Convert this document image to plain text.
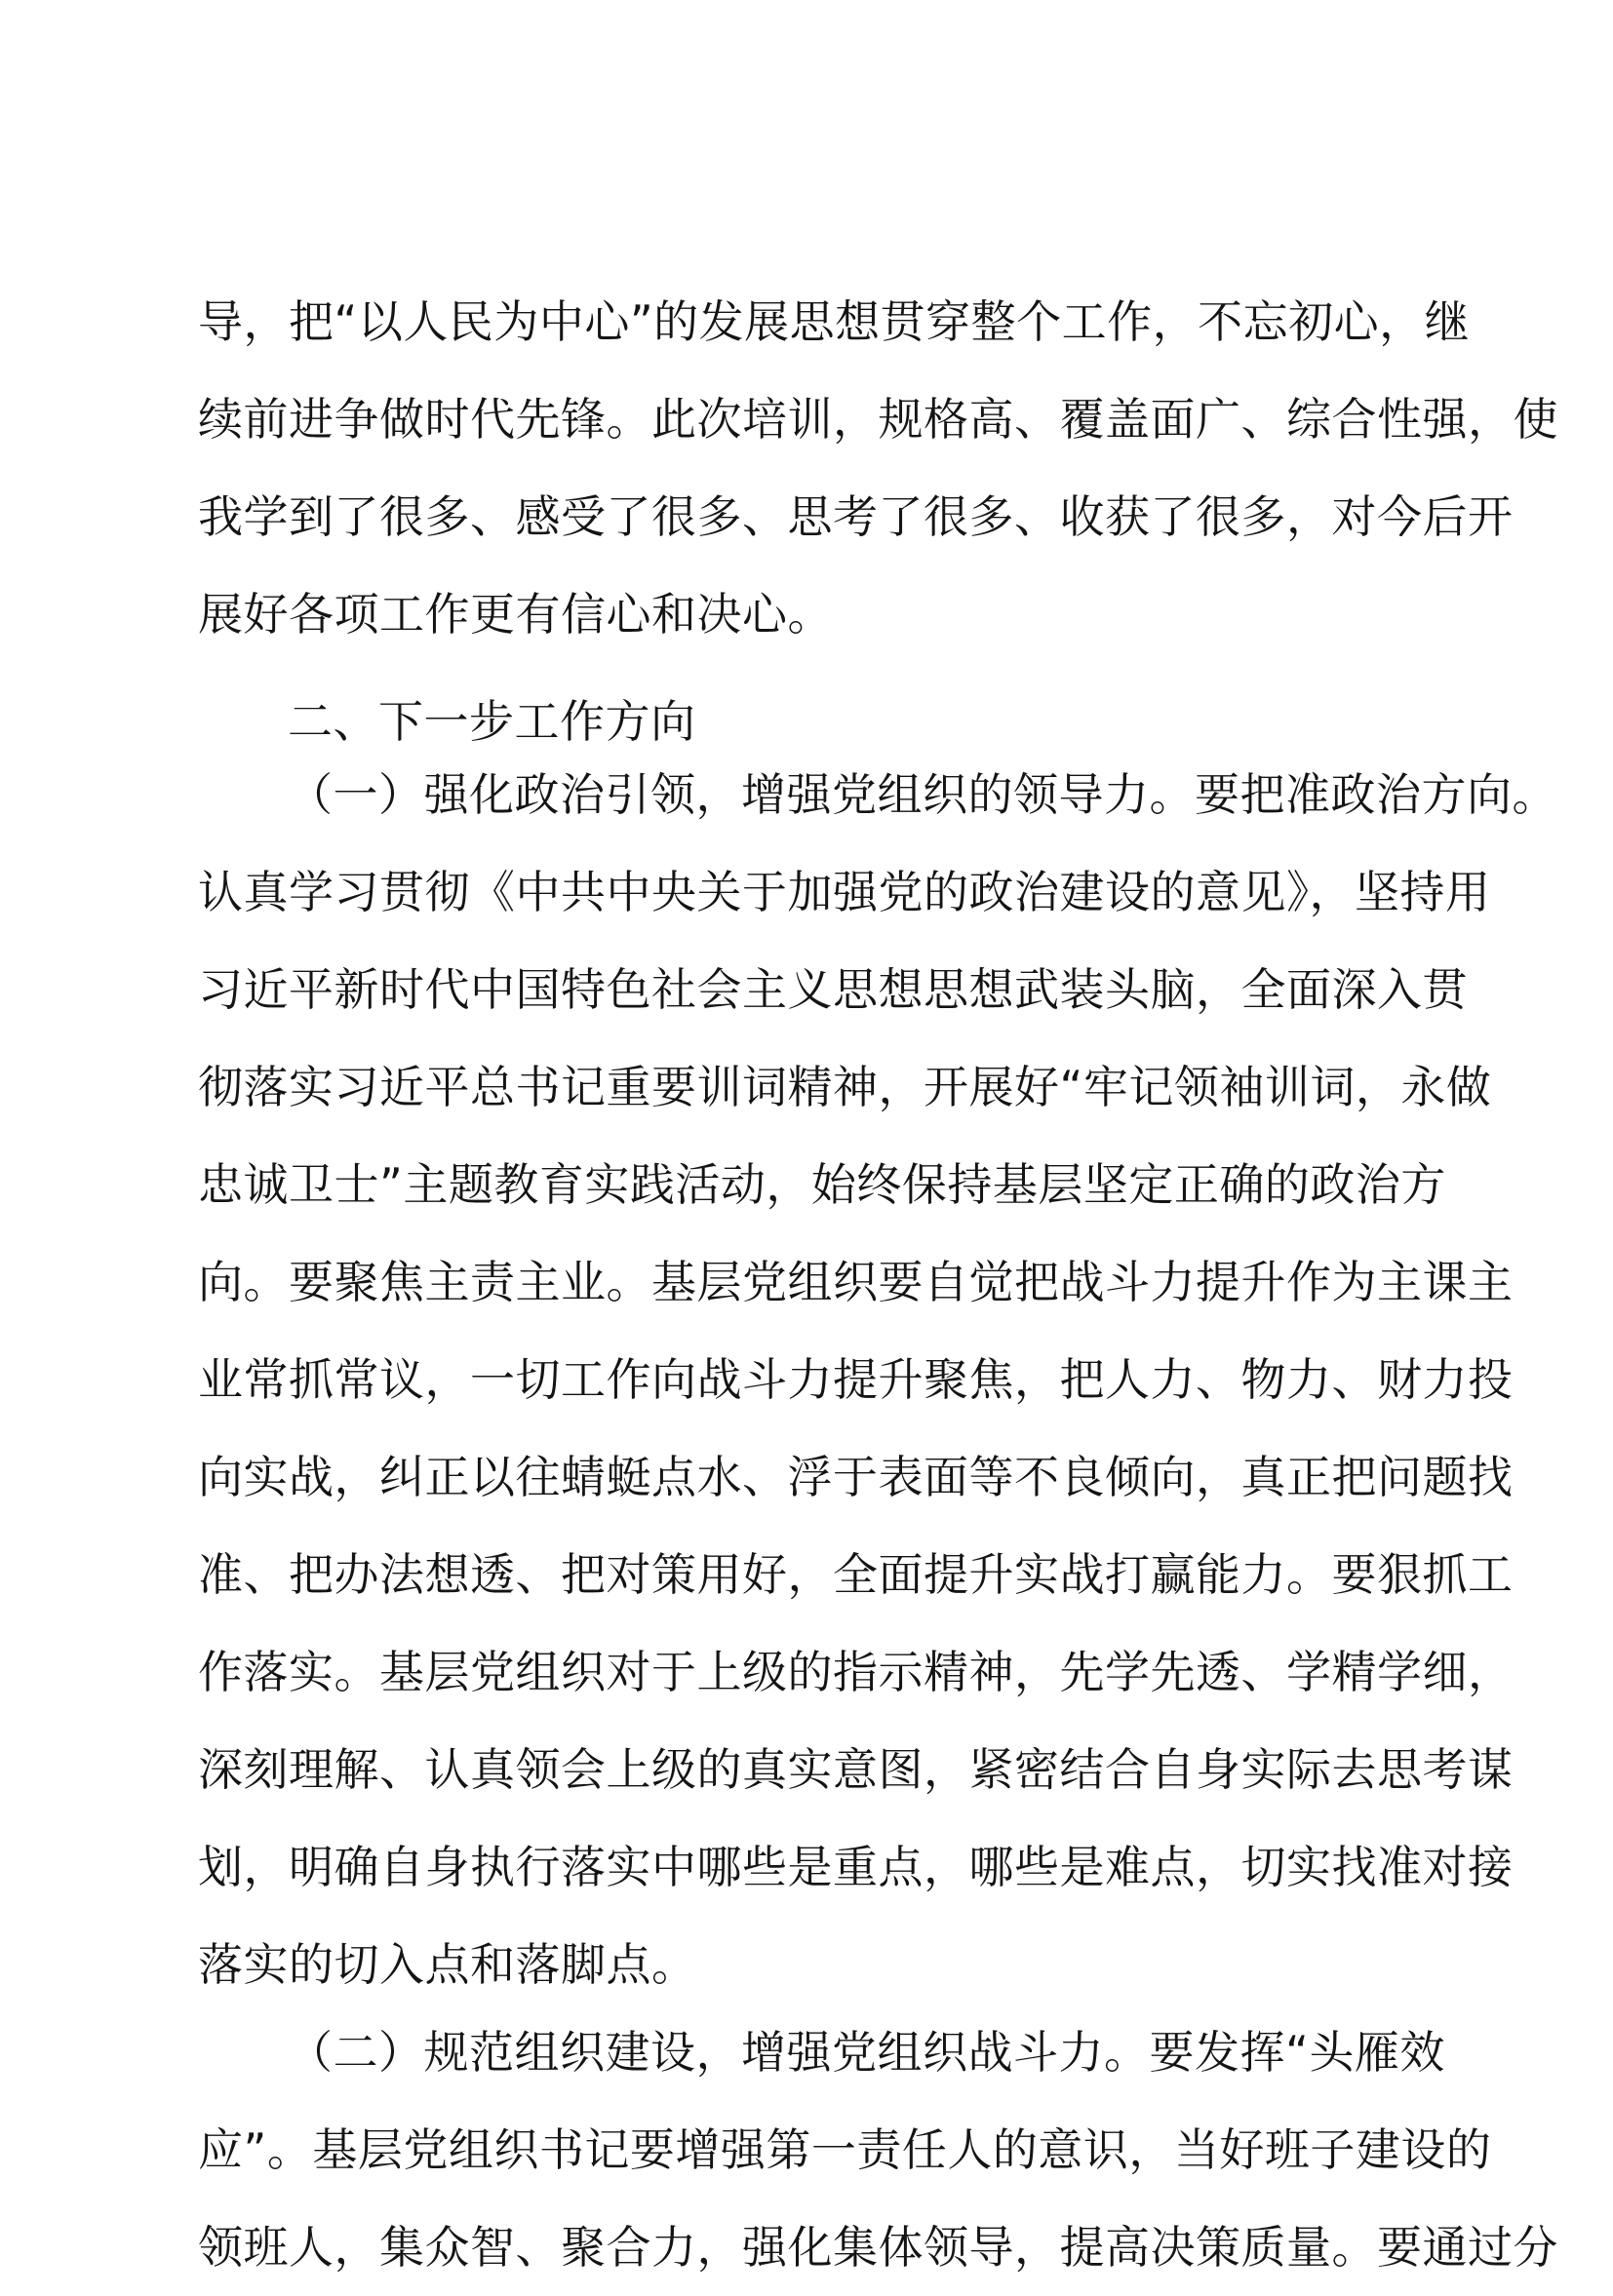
导，把“以人民为中心”的发展思想贯穿整个工作，不忘初心，继
续前进争做时代先锋。此次培训，规格高、覆盖面广、综合性强，使
我学到了很多、感受了很多、思考了很多、收获了很多，对今后开
展好各项工作更有信心和决心。
二、下一步工作方向
（一）强化政治引领，增强党组织的领导力。要把准政治方向。
认真学习贯彻《中共中央关于加强党的政治建设的意见》，坚持用
习近平新时代中国特色社会主义思想思想武装头脑，全面深入贯
彻落实习近平总书记重要训词精神，开展好“牢记领袖训词，永做
忠诚卫士”主题教育实践活动，始终保持基层坚定正确的政治方
向。要聚焦主责主业。基层党组织要自觉把战斗力提升作为主课主
业常抓常议，一切工作向战斗力提升聚焦，把人力、物力、财力投
向实战，纠正以往蜻蜓点水、浮于表面等不良倾向，真正把问题找
准、把办法想透、把对策用好，全面提升实战打赢能力。要狠抓工
作落实。基层党组织对于上级的指示精神，先学先透、学精学细，
深刻理解、认真领会上级的真实意图，紧密结合自身实际去思考谋
划，明确自身执行落实中哪些是重点，哪些是难点，切实找准对接
落实的切入点和落脚点。
（二）规范组织建设，增强党组织战斗力。要发挥“头雁效
应”。基层党组织书记要增强第一责任人的意识，当好班子建设的
领班人，集众智、聚合力，强化集体领导，提高决策质量。要通过分
